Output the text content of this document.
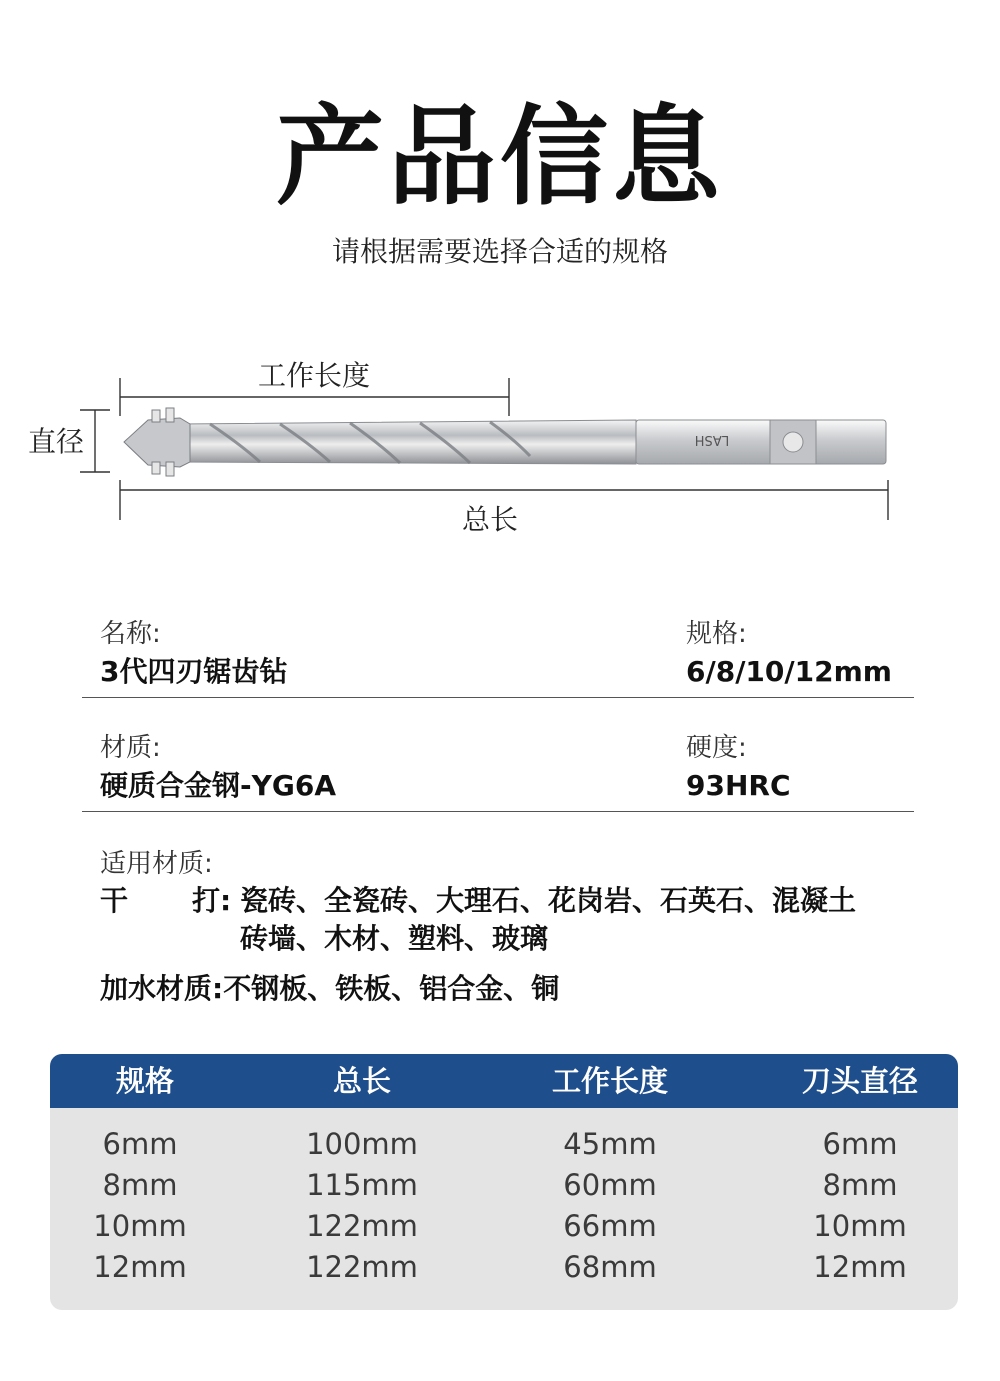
产品信息
请根据需要选择合适的规格
工作长度
直径
总长
LASH
名称:
3代四刃锯齿钻
规格:
6/8/10/12mm
材质:
硬质合金钢-YG6A
硬度:
93HRC
适用材质:
干 打: 瓷砖、全瓷砖、大理石、花岗岩、石英石、混凝土
砖墙、木材、塑料、玻璃
加水材质:不钢板、铁板、铝合金、铜
规格	总长	工作长度	刀头直径
6mm	100mm	45mm	6mm
8mm	115mm	60mm	8mm
10mm	122mm	66mm	10mm
12mm	122mm	68mm	12mm
